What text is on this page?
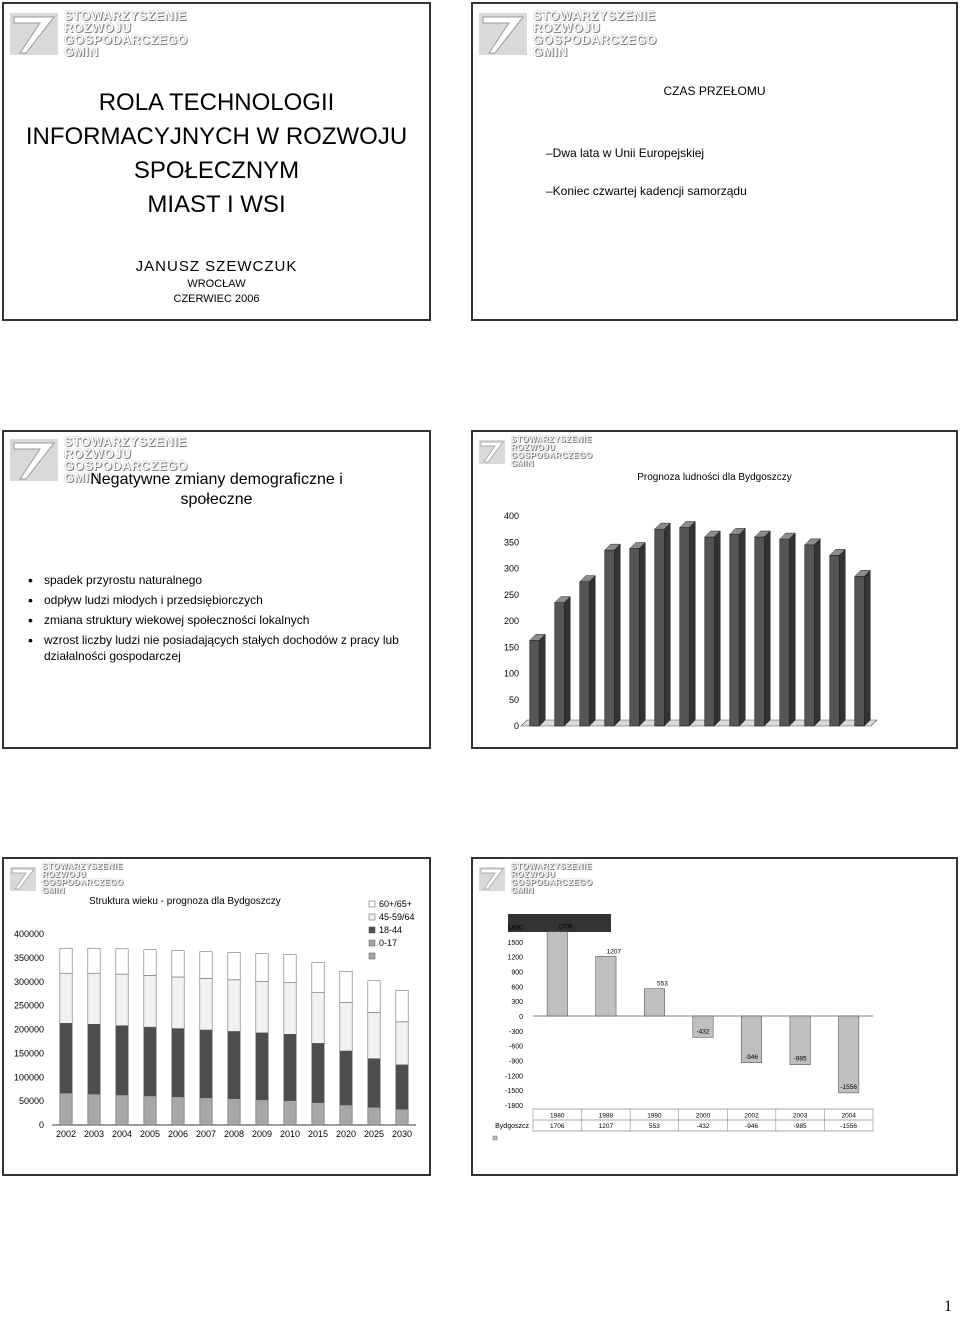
STOWARZYSZENIE
ROZWOJU
GOSPODARCZEGO
GMIN
ROLA TECHNOLOGII
INFORMACYJNYCH W ROZWOJU
SPOŁECZNYM
MIAST I WSI
JANUSZ SZEWCZUK
WROCŁAW
CZERWIEC 2006
STOWARZYSZENIE
ROZWOJU
GOSPODARCZEGO
GMIN
CZAS PRZEŁOMU
–Dwa lata w Unii Europejskiej
–Koniec czwartej kadencji samorządu
STOWARZYSZENIE
ROZWOJU
GOSPODARCZEGO
GMIN
Negatywne zmiany demograficzne i
społeczne
• spadek przyrostu naturalnego
• odpływ ludzi młodych i przedsiębiorczych
• zmiana struktury wiekowej społeczności lokalnych
• wzrost liczby ludzi nie posiadających stałych dochodów z pracy lub działalności gospodarczej
STOWARZYSZENIE
ROZWOJU
GOSPODARCZEGO
GMIN
Prognoza ludności dla Bydgoszczy
0
50
100
150
200
250
300
350
400
STOWARZYSZENIE
ROZWOJU
GOSPODARCZEGO
GMIN
Struktura wieku - prognoza dla Bydgoszczy
0
50000
100000
150000
200000
250000
300000
350000
400000
2002 2003 2004 2005 2006 2007 2008 2009 2010 2015 2020 2025 2030
60+/65+
45-59/64
18-44
0-17
STOWARZYSZENIE
ROZWOJU
GOSPODARCZEGO
GMIN
1800
1500
1200
900
600
300
0
-300
-600
-900
-1200
-1500
-1800
1706
1207
553
-432
-946	-985
-1556
Bydgoszcz
1980
1706
1988
1207
1990
553
2000
-432
2002
-946
2003
-985
2004
-1556
1
